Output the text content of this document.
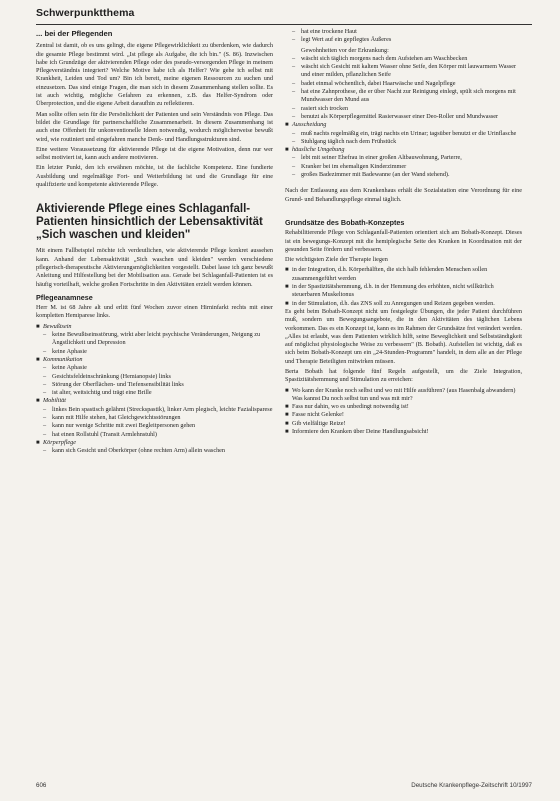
Schwerpunktthema
... bei der Pflegenden

Zentral ist damit, ob es uns gelingt, die eigene Pflegewirklichkeit zu überdenken, wie dadurch die gesamte Pflege bestimmt wird. „Ist pflege als Aufgabe, die ich bin." (S. 86). Inzwischen habe ich Grundzüge der aktivierenden Pflege oder des pseudo-versorgenden Pflege in meinem Pflegeverständnis integriert? Welche Motive habe ich als Helfer? Wie gehe ich selbst mit Krankheit, Leiden und Tod um? Bin ich bereit, meine eigenen Ressourcen zu suchen und einzusetzen. Das sind einige Fragen, die man sich in diesem Zusammenhang stellen sollte. Es ist auch wichtig, mögliche Gefahren zu erkennen, z.B. das Helfer-Syndrom oder Überprotection, und die eigene Arbeit daraufhin zu reflektieren.

Man sollte offen sein für die Persönlichkeit der Patienten und sein Verständnis von Pflege. Das bildet die Grundlage für partnerschaftliche Zusammenarbeit. In diesem Zusammenhang ist auch eine Offenheit für unkonventionelle Ideen notwendig, wodurch möglicherweise bewußt wird, wie routiniert und eingefahren manche Denk- und Handlungsstrukturen sind.

Eine weitere Voraussetzung für aktivierende Pflege ist die eigene Motivation, denn nur wer selbst motiviert ist, kann auch andere motivieren.

Ein letzter Punkt, den ich erwähnen möchte, ist die fachliche Kompetenz. Eine fundierte Ausbildung und regelmäßige Fort- und Weiterbildung ist und die Grundlage für eine qualifizierte und kompetente aktivierende Pflege.

Aktivierende Pflege eines Schlaganfall-Patienten hinsichtlich der Lebensaktivität „Sich waschen und kleiden"

Mit einem Fallbeispiel möchte ich verdeutlichen, wie aktivierende Pflege konkret aussehen kann. Anhand der Lebensaktivität „Sich waschen und kleiden" werden verschiedene pflegerisch-therapeutische Aktivierungsmöglichkeiten vorgestellt. Dabei lasse ich ganz bewußt Anleitung und Hilfestellung bei der Mobilisation aus. Gerade bei Schlaganfall-Patienten ist es häufig vorteilhaft, welche großen Fortschritte in den Aktivitäten erzielt werden können.

Pflegeanamnese

Herr M. ist 68 Jahre alt und erlitt fünf Wochen zuvor einen Hirninfarkt rechts mit einer kompletten Hemiparese links.

■ Bewußtsein
– keine Bewußtseinsstörung, wirkt aber leicht psychische Veränderungen, Neigung zu Ängstlichkeit und Depression
– keine Aphasie
■ Kommunikation
– keine Aphasie
– Gesichtsfeldeinschränkung (Hemianopsie) links
– Störung der Oberflächen- und Tiefensensibilität links
– ist alter, weitsichtig und trägt eine Brille
■ Mobilität
– linkes Bein spastisch gelähmt (Streckspastik), linker Arm plegisch, leichte Fazialisparese
– kann mit Hilfe stehen, hat Gleichgewichtsstörungen
– kann nur wenige Schritte mit zwei Begleitpersonen gehen
– hat einen Rollstuhl (Transit Armlehnstuhl)
■ Körperpflege
– kann sich Gesicht und Oberkörper (ohne rechten Arm) allein waschen
– hat eine trockene Haut
– legt Wert auf ein gepflegtes Äußeres
Gewohnheiten vor der Erkrankung:
– wäscht sich täglich morgens nach dem Aufstehen am Waschbecken
– wäscht sich Gesicht mit kaltem Wasser ohne Seife, den Körper mit lauwarmem Wasser und einer milden, pflanzlichen Seife
– badet einmal wöchentlich, dabei Haarwäsche und Nagelpflege
– hat eine Zahnprothese, die er über Nacht zur Reinigung einlegt, spült sich morgens mit Mundwasser den Mund aus
– rasiert sich trocken
– benutzt als Körperpflegemittel Rasierwasser einer Deo-Roller und Mundwasser
■ Ausscheidung
– muß nachts regelmäßig ein, trägt nachts ein Urinar; tagsüber benutzt er die Urinflasche
– Stuhlgang täglich nach dem Frühstück
■ häusliche Umgebung
– lebt mit seiner Ehefrau in einer großen Altbauwohnung, Parterre,
– Kranker bei im ehemaligen Kinderzimmer
– großes Badezimmer mit Badewanne (an der Wand stehend).

Nach der Entlassung aus dem Krankenhaus erhält die Sozialstation eine Verordnung für eine Grund- und Behandlungspflege einmal täglich.

Grundsätze des Bobath-Konzeptes

Rehabilitierende Pflege von Schlaganfall-Patienten orientiert sich am Bobath-Konzept. Dieses ist ein bewegungs-Konzept mit die hemiplegische Seite des Kranken in Koordination mit der gesunden Seite fördern und verbessern.

Die wichtigsten Ziele der Therapie liegen

■ in der Integration, d.h. Körperhälften, die sich halb fehlenden Menschen sollen zusammengeführt werden
■ in der Spastizitätshemmung, d.h. in der Hemmung des erhöhten, nicht willkürlich steuerbaren Muskeltonus
■ in der Stimulation, d.h. das ZNS soll zu Anregungen und Reizen gegeben werden.

Es geht beim Bobath-Konzept nicht um festgelegte Übungen, die jeder Patient durchführen muß, sondern um Bewegungsangebote, die in den Aktivitäten des täglichen Lebens vorkommen. Das es ein Konzept ist, kann es im Rahmen der Grundsätze frei verändert werden. „Alles ist erlaubt, was dem Patienten wirklich hilft, seine Beweglichkeit und Selbstständigkeit auf möglichst physiologische Weise zu verbessern" (B. Bobath). Aufstellen ist wichtig, daß es sich beim Bobath-Konzept um ein „24-Stunden-Programm" handelt, in dem alle an der Pflege und Therapie Beteiligten mitwirken müssen.

Berta Bobath hat folgende fünf Regeln aufgestellt, um die Ziele Integration, Spastizitätshemmung und Stimulation zu erreichen:

■ Wo kann der Kranke noch selbst und wo mit Hilfe ausführen? (aus Hasenbalg abwandern) Was kannst Du noch selbst tun und was mit mir?
■ Fass nur dahin, wo es unbedingt notwendig ist!
■ Fasse nicht Gelenke!
■ Gib vielfältige Reize!
■ Informiere den Kranken über Deine Handlungsabsicht!
606	Deutsche Krankenpflege-Zeitschrift 10/1997
